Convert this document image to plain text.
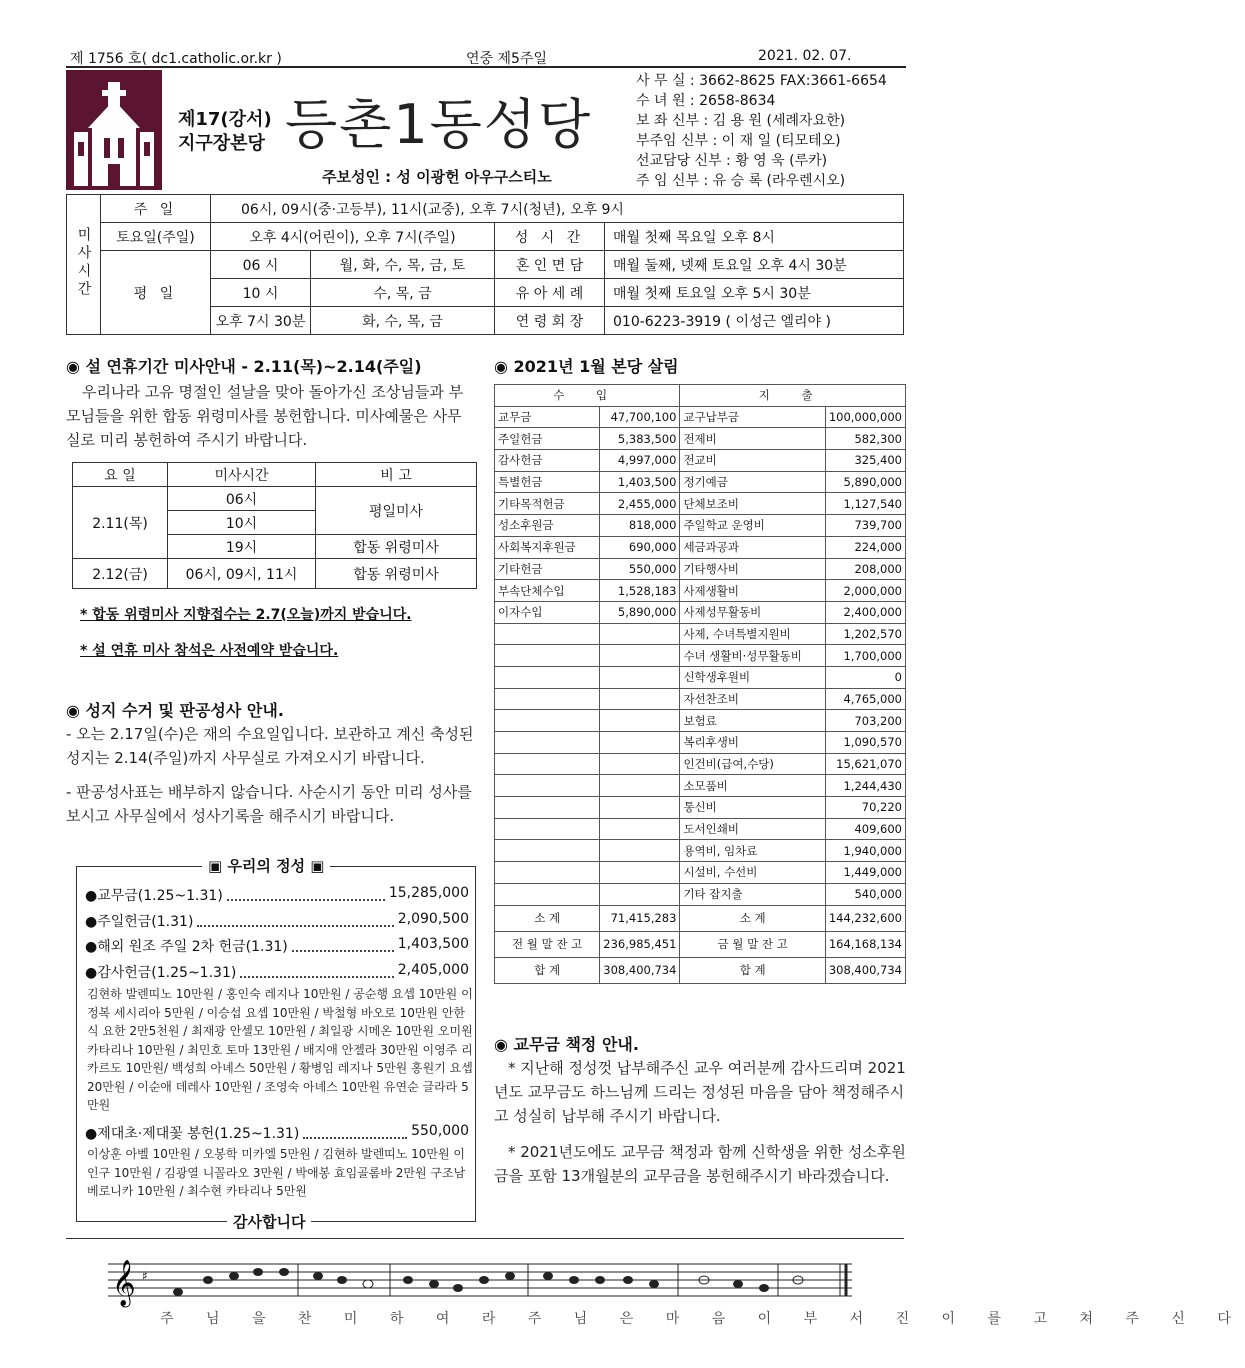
제 1756 호( dc1.catholic.or.kr )	연중 제5주일	2021. 02. 07.
제17(강서)
지구장본당 등촌1동성당
주보성인 : 성 이광헌 아우구스티노
사 무 실 : 3662-8625 FAX:3661-6654
수 녀 원 : 2658-8634
보 좌 신부 : 김 용 원 (세례자요한)
부주임 신부 : 이 재 일 (티모테오)
선교담당 신부 : 황 영 욱 (루카)
주 임 신부 : 유 승 록 (라우렌시오)
미사시간	주 일	06시, 09시(중·고등부), 11시(교중), 오후 7시(청년), 오후 9시			
	토요일(주일)	오후 4시(어린이), 오후 7시(주일)		성 시 간	매월 첫째 목요일 오후 8시
	평 일	06 시	월, 화, 수, 목, 금, 토	혼 인 면 담	매월 둘째, 넷째 토요일 오후 4시 30분
		10 시	수, 목, 금	유 아 세 례	매월 첫째 토요일 오후 5시 30분
		오후 7시 30분	화, 수, 목, 금	연 령 회 장	010-6223-3919 ( 이성근 엘리야 )
◉ 설 연휴기간 미사안내 - 2.11(목)~2.14(주일)

우리나라 고유 명절인 설날을 맞아 돌아가신 조상님들과 부모님들을 위한 합동 위령미사를 봉헌합니다. 미사예물은 사무실로 미리 봉헌하여 주시기 바랍니다.

요 일	미사시간	비 고
2.11(목)	06시	평일미사
	10시	
	19시	합동 위령미사
2.12(금)	06시, 09시, 11시	합동 위령미사
* 합동 위령미사 지향접수는 2.7(오늘)까지 받습니다.
* 설 연휴 미사 참석은 사전예약 받습니다.
◉ 성지 수거 및 판공성사 안내.

- 오는 2.17일(수)은 재의 수요일입니다. 보관하고 계신 축성된 성지는 2.14(주일)까지 사무실로 가져오시기 바랍니다.

- 판공성사표는 배부하지 않습니다. 사순시기 동안 미리 성사를 보시고 사무실에서 성사기록을 해주시기 바랍니다.

▣ 우리의 정성 ▣
●교무금(1.25~1.31)	15,285,000
●주일헌금(1.31)	2,090,500
●해외 원조 주일 2차 헌금(1.31)	1,403,500
●감사헌금(1.25~1.31)	2,405,000
김현하 발렌띠노 10만원 / 홍인숙 레지나 10만원 / 공순행 요셉 10만원 이정복 세시리아 5만원 / 이승섭 요셉 10만원 / 박철형 바오로 10만원 안한식 요한 2만5천원 / 최재광 안셀모 10만원 / 최일광 시메온 10만원 오미원 카타리나 10만원 / 최민호 토마 13만원 / 배지애 안젤라 30만원 이영주 리카르도 10만원/ 백성희 아녜스 50만원 / 황병임 레지나 5만원 홍원기 요셉 20만원 / 이순애 데레사 10만원 / 조영숙 아녜스 10만원 유연순 글라라 5만원
●제대초·제대꽃 봉헌(1.25~1.31)	550,000
이상훈 아벨 10만원 / 오봉학 미카엘 5만원 / 김현하 발렌띠노 10만원 이인구 10만원 / 김광열 니꼴라오 3만원 / 박애봉 효임골롬바 2만원 구조남 베로니카 10만원 / 최수현 카타리나 5만원
감사합니다
◉ 2021년 1월 본당 살림
수 입		지 출	
교무금	47,700,100	교구납부금	100,000,000
주일헌금	5,383,500	전제비	582,300
감사헌금	4,997,000	전교비	325,400
특별헌금	1,403,500	정기예금	5,890,000
기타목적헌금	2,455,000	단체보조비	1,127,540
성소후원금	818,000	주일학교 운영비	739,700
사회복지후원금	690,000	세금과공과	224,000
기타헌금	550,000	기타행사비	208,000
부속단체수입	1,528,183	사제생활비	2,000,000
이자수입	5,890,000	사제성무활동비	2,400,000
		사제, 수녀특별지원비	1,202,570
		수녀 생활비·성무활동비	1,700,000
		신학생후원비	0
		자선찬조비	4,765,000
		보험료	703,200
		복리후생비	1,090,570
		인건비(급여,수당)	15,621,070
		소모품비	1,244,430
		통신비	70,220
		도서인쇄비	409,600
		용역비, 임차료	1,940,000
		시설비, 수선비	1,449,000
		기타 잡지출	540,000
소 계	71,415,283	소 계	144,232,600
전 월 말 잔 고	236,985,451	금 월 말 잔 고	164,168,134
합 계	308,400,734	합 계	308,400,734
◉ 교무금 책정 안내.

* 지난해 정성껏 납부해주신 교우 여러분께 감사드리며 2021년도 교무금도 하느님께 드리는 정성된 마음을 담아 책정해주시고 성실히 납부해 주시기 바랍니다.

* 2021년도에도 교무금 책정과 함께 신학생을 위한 성소후원금을 포함 13개월분의 교무금을 봉헌해주시기 바라겠습니다.

𝄞 ♯
주 님 을 찬 미 하 여 라 주 님 은 마 음 이 부 서 진 이 를 고 쳐 주 신 다
